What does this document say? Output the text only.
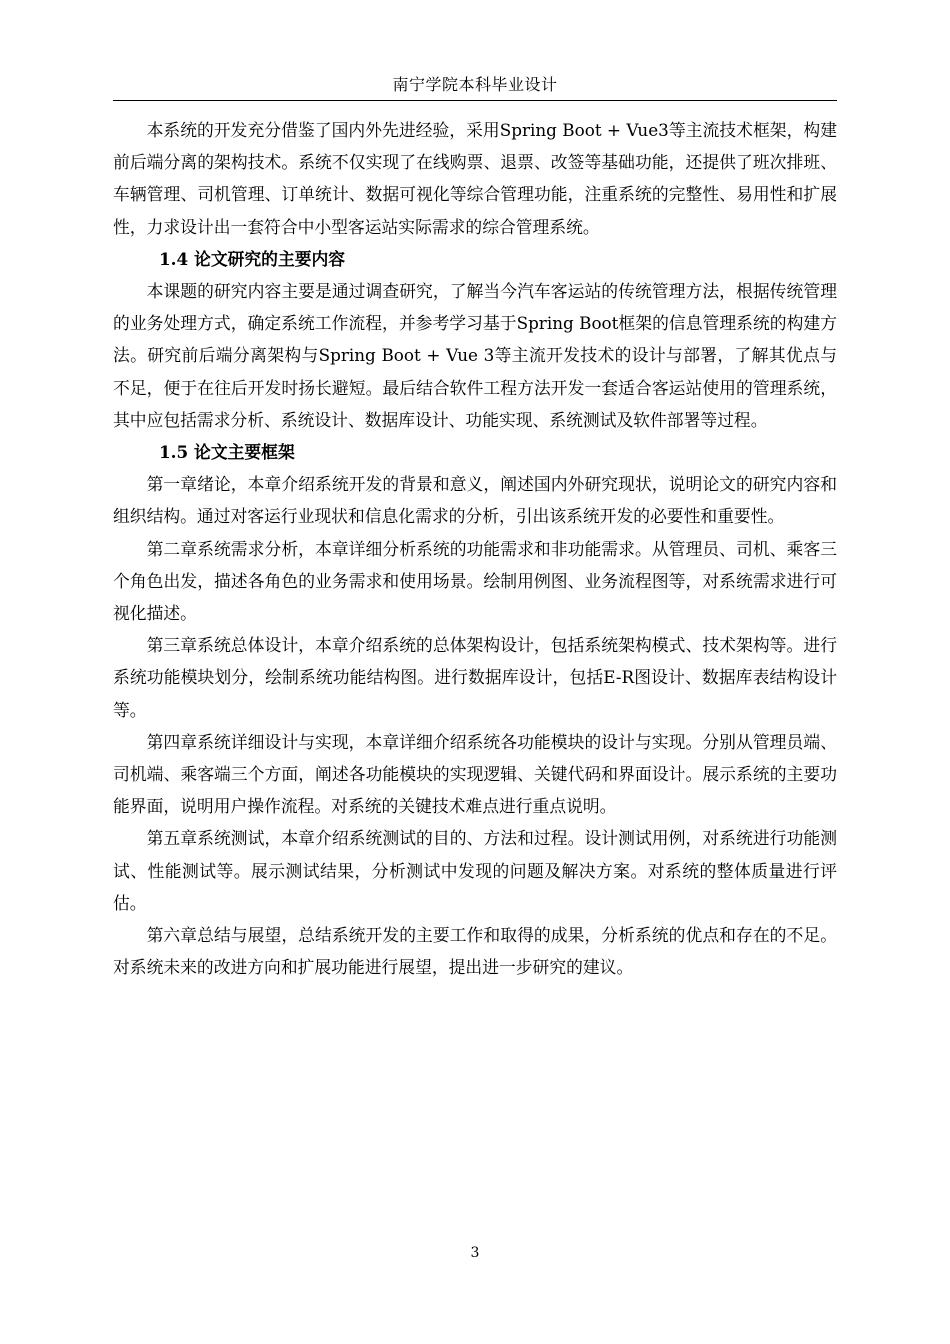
南宁学院本科毕业设计

本系统的开发充分借鉴了国内外先进经验，采用Spring Boot + Vue3等主流技术框架，构建前后端分离的架构技术。系统不仅实现了在线购票、退票、改签等基础功能，还提供了班次排班、车辆管理、司机管理、订单统计、数据可视化等综合管理功能，注重系统的完整性、易用性和扩展性，力求设计出一套符合中小型客运站实际需求的综合管理系统。

1.4 论文研究的主要内容

本课题的研究内容主要是通过调查研究，了解当今汽车客运站的传统管理方法，根据传统管理的业务处理方式，确定系统工作流程，并参考学习基于Spring Boot框架的信息管理系统的构建方法。研究前后端分离架构与Spring Boot + Vue 3等主流开发技术的设计与部署，了解其优点与不足，便于在往后开发时扬长避短。最后结合软件工程方法开发一套适合客运站使用的管理系统，其中应包括需求分析、系统设计、数据库设计、功能实现、系统测试及软件部署等过程。

1.5 论文主要框架

第一章绪论，本章介绍系统开发的背景和意义，阐述国内外研究现状，说明论文的研究内容和组织结构。通过对客运行业现状和信息化需求的分析，引出该系统开发的必要性和重要性。

第二章系统需求分析，本章详细分析系统的功能需求和非功能需求。从管理员、司机、乘客三个角色出发，描述各角色的业务需求和使用场景。绘制用例图、业务流程图等，对系统需求进行可视化描述。

第三章系统总体设计，本章介绍系统的总体架构设计，包括系统架构模式、技术架构等。进行系统功能模块划分，绘制系统功能结构图。进行数据库设计，包括E-R图设计、数据库表结构设计等。

第四章系统详细设计与实现，本章详细介绍系统各功能模块的设计与实现。分别从管理员端、司机端、乘客端三个方面，阐述各功能模块的实现逻辑、关键代码和界面设计。展示系统的主要功能界面，说明用户操作流程。对系统的关键技术难点进行重点说明。

第五章系统测试，本章介绍系统测试的目的、方法和过程。设计测试用例，对系统进行功能测试、性能测试等。展示测试结果，分析测试中发现的问题及解决方案。对系统的整体质量进行评估。

第六章总结与展望，总结系统开发的主要工作和取得的成果，分析系统的优点和存在的不足。对系统未来的改进方向和扩展功能进行展望，提出进一步研究的建议。

3
